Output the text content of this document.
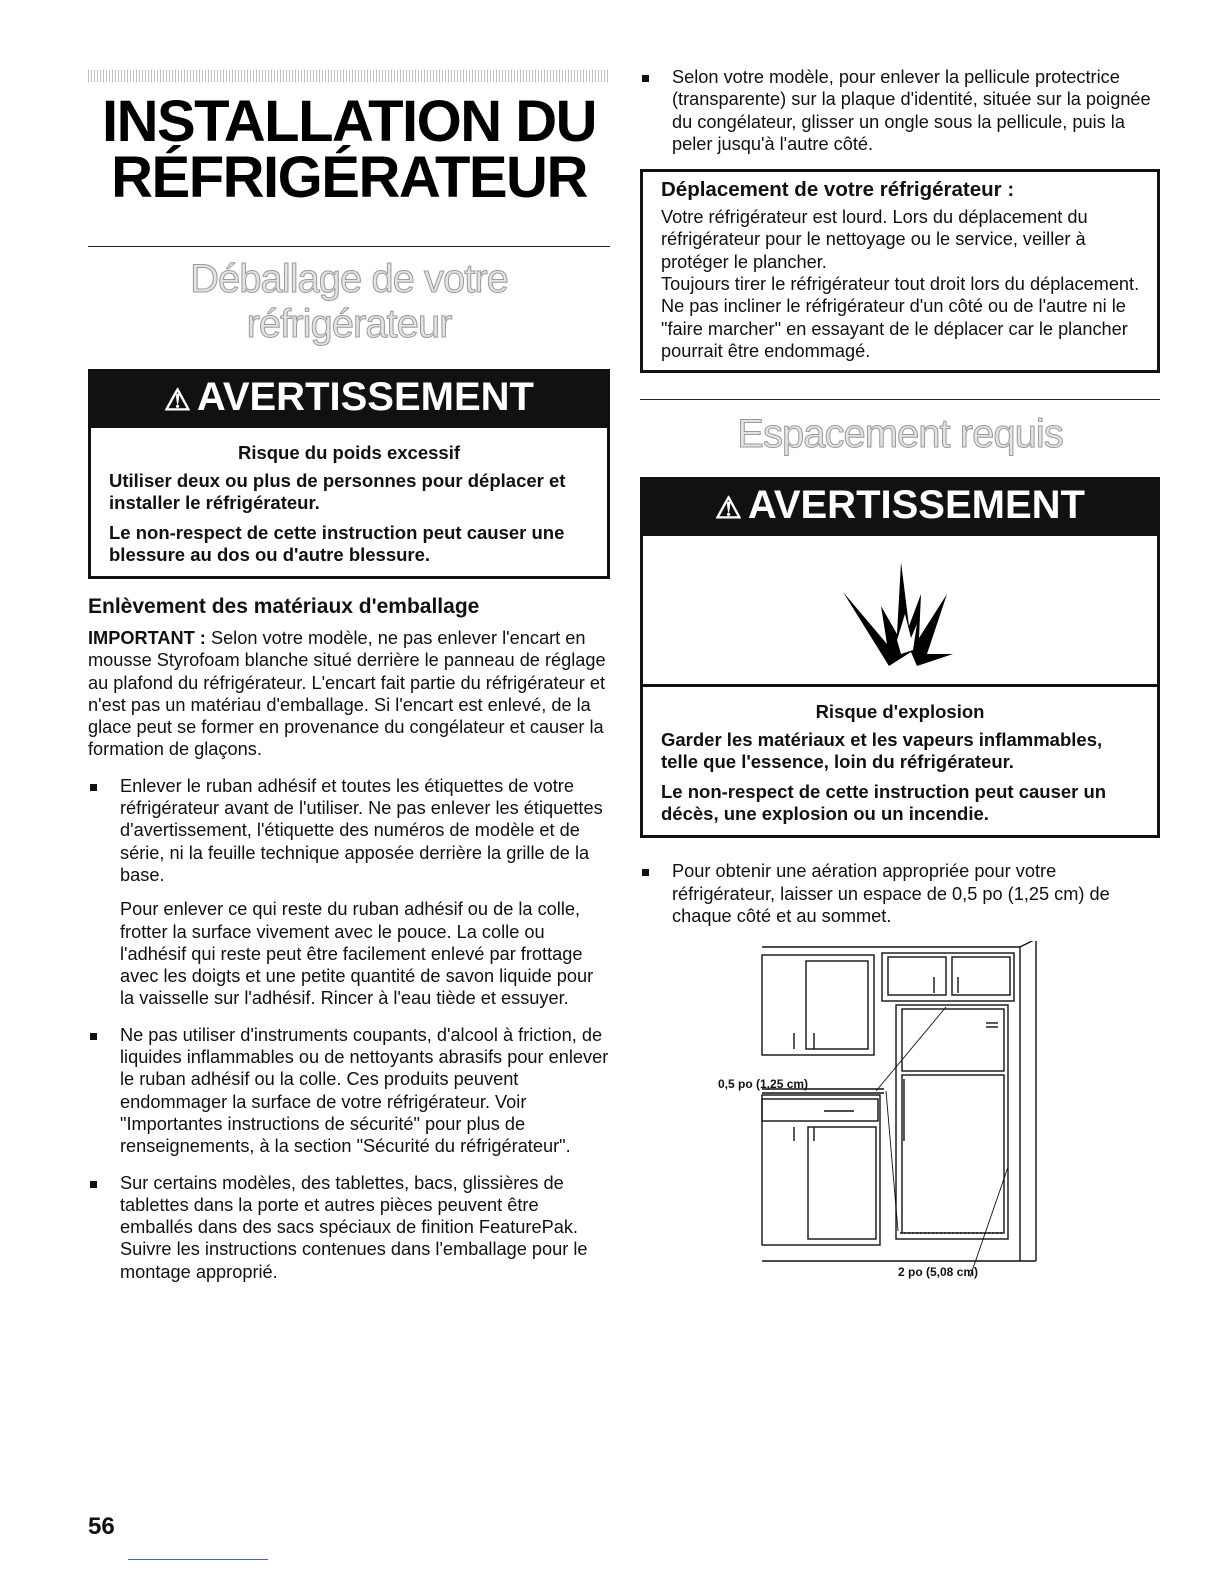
INSTALLATION DU
RÉFRIGÉRATEUR
Déballage de votre réfrigérateur
⚠ AVERTISSEMENT
Risque du poids excessif

Utiliser deux ou plus de personnes pour déplacer et installer le réfrigérateur.

Le non-respect de cette instruction peut causer une blessure au dos ou d'autre blessure.

Enlèvement des matériaux d'emballage

IMPORTANT : Selon votre modèle, ne pas enlever l'encart en mousse Styrofoam blanche situé derrière le panneau de réglage au plafond du réfrigérateur. L'encart fait partie du réfrigérateur et n'est pas un matériau d'emballage. Si l'encart est enlevé, de la glace peut se former en provenance du congélateur et causer la formation de glaçons.

Enlever le ruban adhésif et toutes les étiquettes de votre réfrigérateur avant de l'utiliser. Ne pas enlever les étiquettes d'avertissement, l'étiquette des numéros de modèle et de série, ni la feuille technique apposée derrière la grille de la base.
Pour enlever ce qui reste du ruban adhésif ou de la colle, frotter la surface vivement avec le pouce. La colle ou l'adhésif qui reste peut être facilement enlevé par frottage avec les doigts et une petite quantité de savon liquide pour la vaisselle sur l'adhésif. Rincer à l'eau tiède et essuyer.
Ne pas utiliser d'instruments coupants, d'alcool à friction, de liquides inflammables ou de nettoyants abrasifs pour enlever le ruban adhésif ou la colle. Ces produits peuvent endommager la surface de votre réfrigérateur. Voir "Importantes instructions de sécurité" pour plus de renseignements, à la section "Sécurité du réfrigérateur".
Sur certains modèles, des tablettes, bacs, glissières de tablettes dans la porte et autres pièces peuvent être emballés dans des sacs spéciaux de finition FeaturePak. Suivre les instructions contenues dans l'emballage pour le montage approprié.
Selon votre modèle, pour enlever la pellicule protectrice (transparente) sur la plaque d'identité, située sur la poignée du congélateur, glisser un ongle sous la pellicule, puis la peler jusqu'à l'autre côté.
Déplacement de votre réfrigérateur :

Votre réfrigérateur est lourd. Lors du déplacement du réfrigérateur pour le nettoyage ou le service, veiller à protéger le plancher.

Toujours tirer le réfrigérateur tout droit lors du déplacement. Ne pas incliner le réfrigérateur d'un côté ou de l'autre ni le "faire marcher" en essayant de le déplacer car le plancher pourrait être endommagé.

Espacement requis
⚠ AVERTISSEMENT
Risque d'explosion

Garder les matériaux et les vapeurs inflammables, telle que l'essence, loin du réfrigérateur.

Le non-respect de cette instruction peut causer un décès, une explosion ou un incendie.

Pour obtenir une aération appropriée pour votre réfrigérateur, laisser un espace de 0,5 po (1,25 cm) de chaque côté et au sommet.
0,5 po (1,25 cm)
2 po (5,08 cm)
56
